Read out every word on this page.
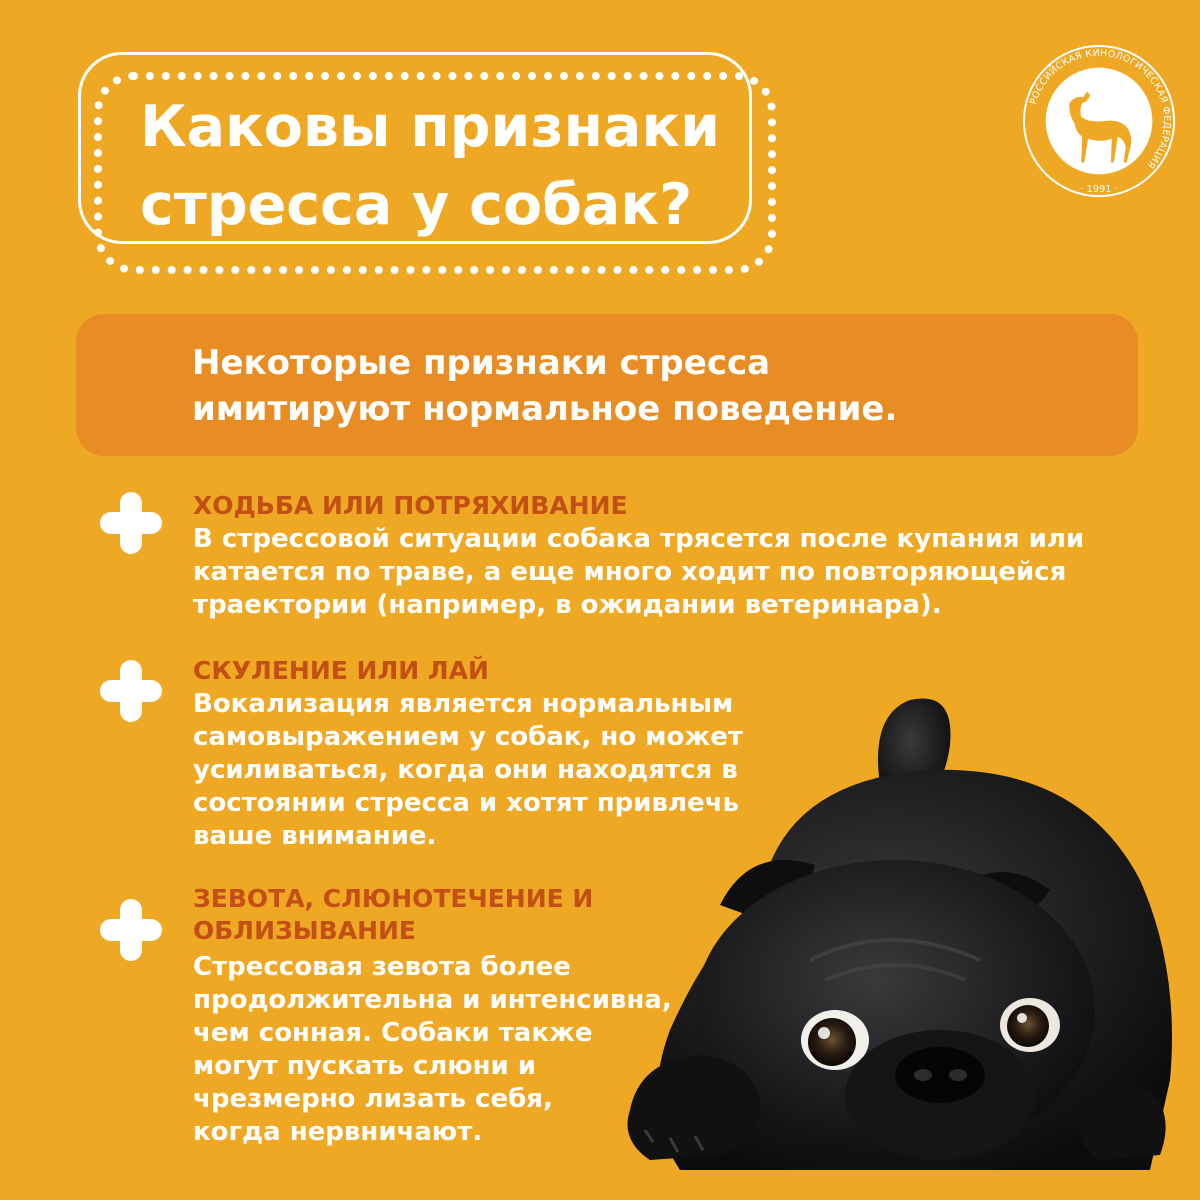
Каковы признаки
стресса у собак?
РОССИЙСКАЯ КИНОЛОГИЧЕСКАЯ ФЕДЕРАЦИЯ
· 1991 ·

Некоторые признаки стресса
имитируют нормальное поведение.

ХОДЬБА ИЛИ ПОТРЯХИВАНИЕ

В стрессовой ситуации собака трясется после купания или
катается по траве, а еще много ходит по повторяющейся
траектории (например, в ожидании ветеринара).

СКУЛЕНИЕ ИЛИ ЛАЙ

Вокализация является нормальным
самовыражением у собак, но может
усиливаться, когда они находятся в
состоянии стресса и хотят привлечь
ваше внимание.

ЗЕВОТА, СЛЮНОТЕЧЕНИЕ И
ОБЛИЗЫВАНИЕ

Стрессовая зевота более
продолжительна и интенсивна,
чем сонная. Собаки также
могут пускать слюни и
чрезмерно лизать себя,
когда нервничают.
